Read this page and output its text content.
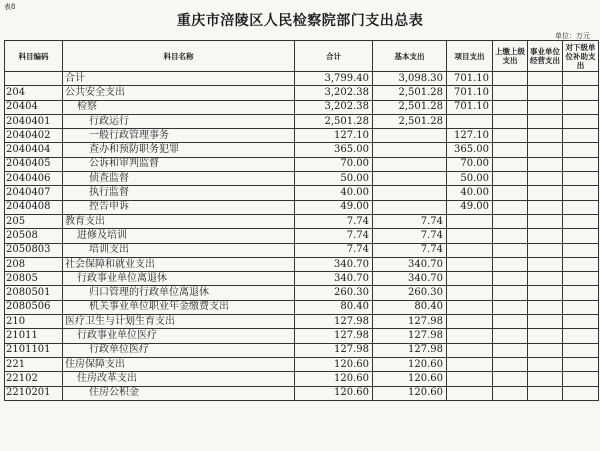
表8
重庆市涪陵区人民检察院部门支出总表
单位：万元
科目编码	科目名称	合计	基本支出	项目支出	上缴上级支出	事业单位经营支出	对下级单位补助支出
	合计	3,799.40	3,098.30	701.10			
204	公共安全支出	3,202.38	2,501.28	701.10			
20404	检察	3,202.38	2,501.28	701.10			
2040401	行政运行	2,501.28	2,501.28				
2040402	一般行政管理事务	127.10		127.10			
2040404	查办和预防职务犯罪	365.00		365.00			
2040405	公诉和审判监督	70.00		70.00			
2040406	侦查监督	50.00		50.00			
2040407	执行监督	40.00		40.00			
2040408	控告申诉	49.00		49.00			
205	教育支出	7.74	7.74				
20508	进修及培训	7.74	7.74				
2050803	培训支出	7.74	7.74				
208	社会保障和就业支出	340.70	340.70				
20805	行政事业单位离退休	340.70	340.70				
2080501	归口管理的行政单位离退休	260.30	260.30				
2080506	机关事业单位职业年金缴费支出	80.40	80.40				
210	医疗卫生与计划生育支出	127.98	127.98				
21011	行政事业单位医疗	127.98	127.98				
2101101	行政单位医疗	127.98	127.98				
221	住房保障支出	120.60	120.60				
22102	住房改革支出	120.60	120.60				
2210201	住房公积金	120.60	120.60				
